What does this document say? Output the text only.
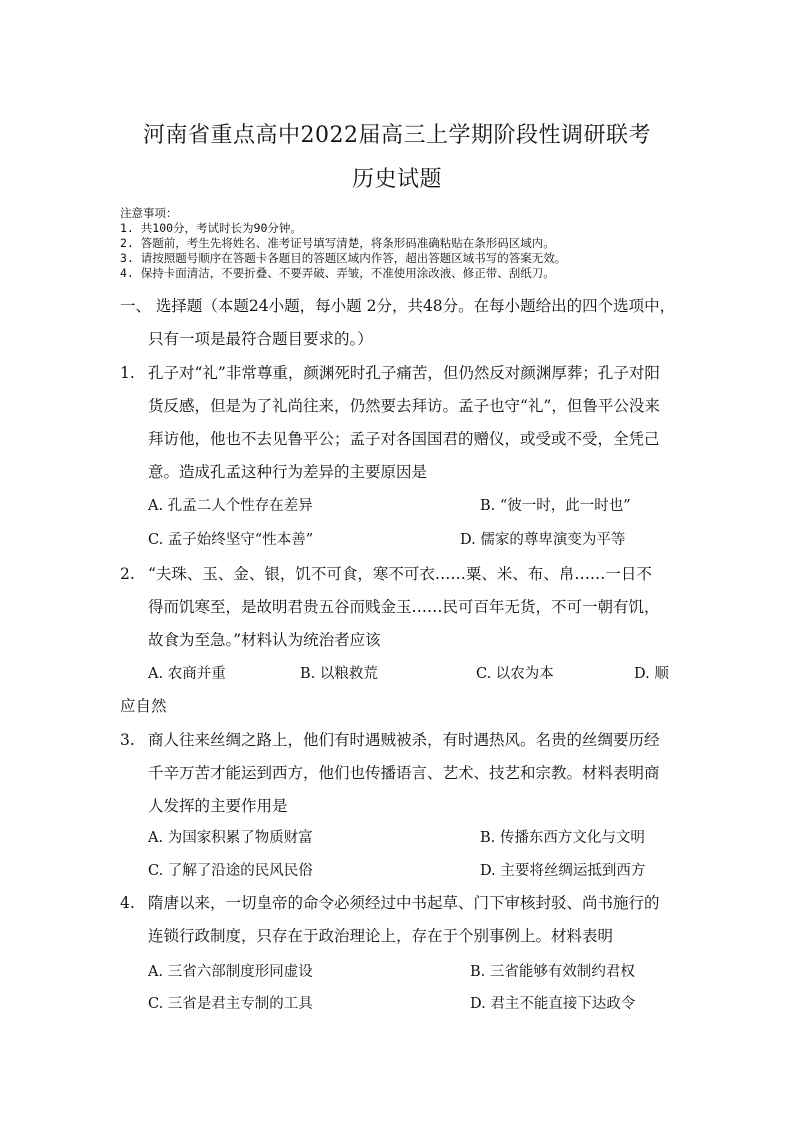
河南省重点高中2022届高三上学期阶段性调研联考
历史试题
注意事项：
1. 共100分，考试时长为90分钟。
2. 答题前，考生先将姓名、准考证号填写清楚，将条形码准确粘贴在条形码区域内。
3. 请按照题号顺序在答题卡各题目的答题区域内作答，超出答题区域书写的答案无效。
4. 保持卡面清洁，不要折叠、不要弄破、弄皱，不准使用涂改液、修正带、刮纸刀。
一、 选择题（本题24小题，每小题 2分，共48分。在每小题给出的四个选项中，
只有一项是最符合题目要求的。）
1. 孔子对“礼”非常尊重，颜渊死时孔子痛苦，但仍然反对颜渊厚葬；孔子对阳
货反感，但是为了礼尚往来，仍然要去拜访。孟子也守“礼”，但鲁平公没来
拜访他，他也不去见鲁平公；孟子对各国国君的赠仪，或受或不受，全凭己
意。造成孔孟这种行为差异的主要原因是
A. 孔孟二人个性存在差异	B. “彼一时，此一时也”
C. 孟子始终坚守“性本善”	D. 儒家的尊卑演变为平等
2. “夫珠、玉、金、银，饥不可食，寒不可衣……粟、米、布、帛……一日不
得而饥寒至，是故明君贵五谷而贱金玉……民可百年无货，不可一朝有饥，
故食为至急。”材料认为统治者应该
A. 农商并重	B. 以粮救荒	C. 以农为本	D. 顺
应自然
3. 商人往来丝绸之路上，他们有时遇贼被杀，有时遇热风。名贵的丝绸要历经
千辛万苦才能运到西方，他们也传播语言、艺术、技艺和宗教。材料表明商
人发挥的主要作用是
A. 为国家积累了物质财富	B. 传播东西方文化与文明
C. 了解了沿途的民风民俗	D. 主要将丝绸运抵到西方
4. 隋唐以来，一切皇帝的命令必须经过中书起草、门下审核封驳、尚书施行的
连锁行政制度，只存在于政治理论上，存在于个别事例上。材料表明
A. 三省六部制度形同虚设	B. 三省能够有效制约君权
C. 三省是君主专制的工具	D. 君主不能直接下达政令
